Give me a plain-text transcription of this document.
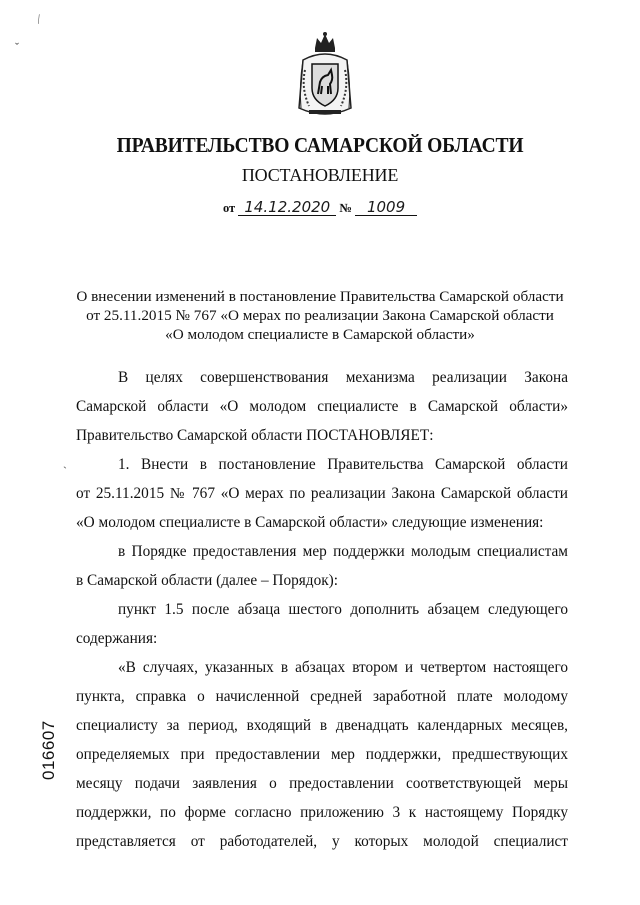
⁄
ˇ
ˎ
ПРАВИТЕЛЬСТВО САМАРСКОЙ ОБЛАСТИ
ПОСТАНОВЛЕНИЕ
от 14.12.2020 № 1009
О внесении изменений в постановление Правительства Самарской области
от 25.11.2015 № 767 «О мерах по реализации Закона Самарской области
«О молодом специалисте в Самарской области»
В целях совершенствования механизма реализации Закона
Самарской области «О молодом специалисте в Самарской области»
Правительство Самарской области ПОСТАНОВЛЯЕТ:
1. Внести в постановление Правительства Самарской области
от 25.11.2015 № 767 «О мерах по реализации Закона Самарской области
«О молодом специалисте в Самарской области» следующие изменения:
в Порядке предоставления мер поддержки молодым специалистам
в Самарской области (далее – Порядок):
пункт 1.5 после абзаца шестого дополнить абзацем следующего
содержания:
«В случаях, указанных в абзацах втором и четвертом настоящего
пункта, справка о начисленной средней заработной плате молодому
специалисту за период, входящий в двенадцать календарных месяцев,
определяемых при предоставлении мер поддержки, предшествующих
месяцу подачи заявления о предоставлении соответствующей меры
поддержки, по форме согласно приложению 3 к настоящему Порядку
представляется от работодателей, у которых молодой специалист
016607
